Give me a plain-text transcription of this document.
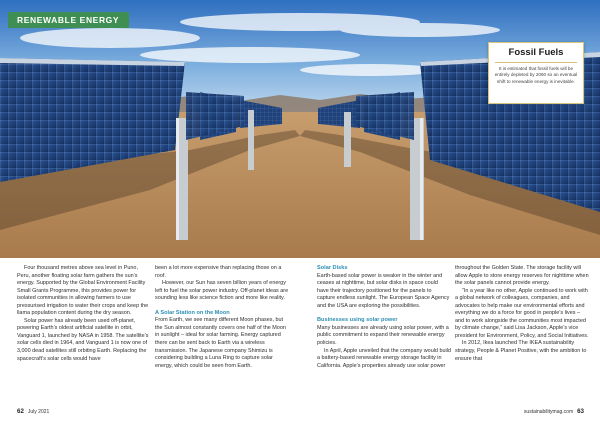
RENEWABLE ENERGY
Fossil Fuels
It is estimated that fossil fuels will be entirely depleted by 2060 so an eventual shift to renewable energy is inevitable.

Four thousand metres above sea level in Puno, Peru, another floating solar farm gathers the sun’s energy. Supported by the Global Environment Facility Small Grants Programme, this provides power for isolated communities in allowing farmers to use pressurised irrigation to water their crops and keep the llama population content during the dry season.

Solar power has already been used off-planet, powering Earth’s oldest artificial satellite in orbit, Vanguard 1, launched by NASA in 1958. The satellite’s solar cells died in 1964, and Vanguard 1 is now one of 3,000 dead satellites still orbiting Earth. Replacing the spacecraft’s solar cells would have

been a lot more expensive than replacing those on a roof.

However, our Sun has seven billion years of energy left to fuel the solar power industry. Off-planet ideas are sounding less like science fiction and more like reality.

A Solar Station on the Moon

From Earth, we see many different Moon phases, but the Sun almost constantly covers one half of the Moon in sunlight – ideal for solar farming. Energy captured there can be sent back to Earth via a wireless transmission. The Japanese company Shimizu is considering building a Luna Ring to capture solar energy, which could be seen from Earth.

Solar Disks

Earth-based solar power is weaker in the winter and ceases at nighttime, but solar disks in space could have their trajectory positioned for the panels to capture endless sunlight. The European Space Agency and the USA are exploring the possibilities.

Businesses using solar power

Many businesses are already using solar power, with a public commitment to expand their renewable energy policies.

In April, Apple unveiled that the company would build a battery-based renewable energy storage facility in California. Apple’s properties already use solar power

throughout the Golden State. The storage facility will allow Apple to store energy reserves for nighttime when the solar panels cannot provide energy.

“In a year like no other, Apple continued to work with a global network of colleagues, companies, and advocates to help make our environmental efforts and everything we do a force for good in people’s lives – and to work alongside the communities most impacted by climate change,” said Lisa Jackson, Apple’s vice president for Environment, Policy, and Social Initiatives.

In 2012, Ikea launched The IKEA sustainability strategy, People & Planet Positive, with the ambition to ensure that

62 July 2021	sustainabilitymag.com 63
